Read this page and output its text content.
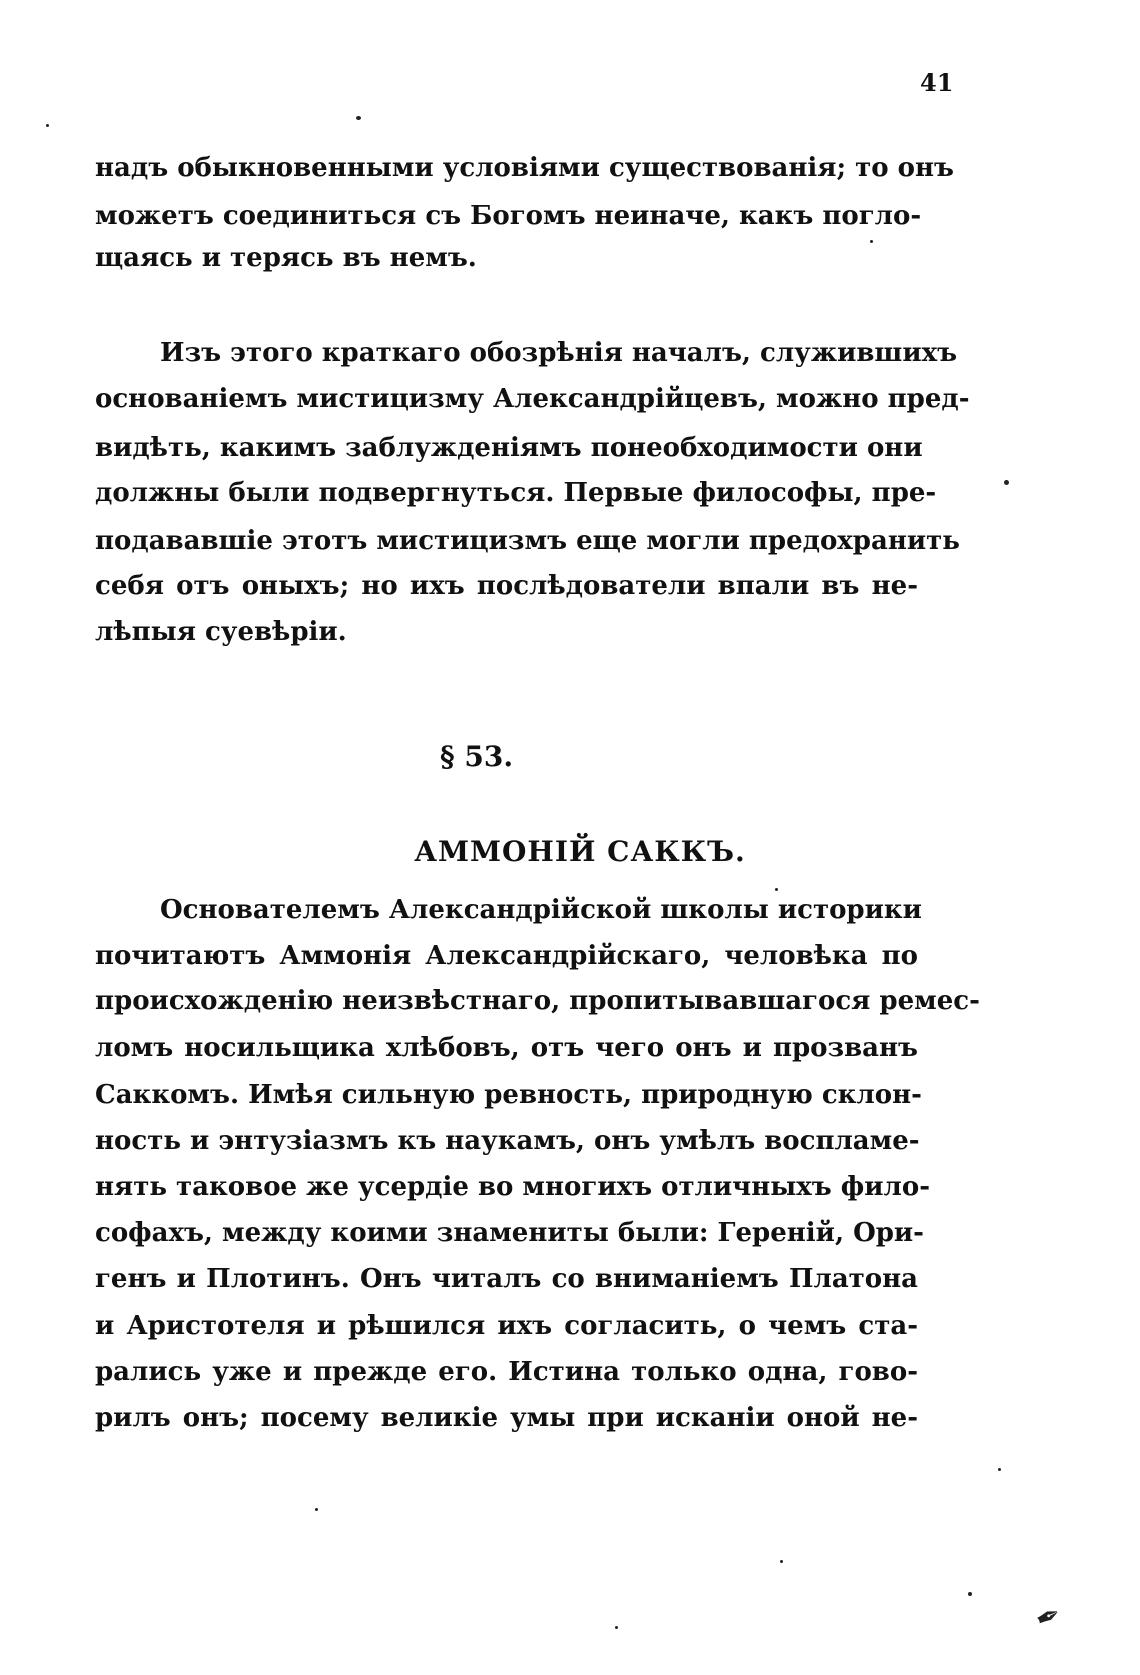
41
надъ обыкновенными условіями существованія; то онъ
можетъ соединиться съ Богомъ неиначе, какъ погло-
щаясь и терясь въ немъ.
Изъ этого краткаго обозрѣнія началъ, служившихъ
основаніемъ мистицизму Александрійцевъ, можно пред-
видѣть, какимъ заблужденіямъ понеобходимости они
должны были подвергнуться. Первые философы, пре-
подававшіе этотъ мистицизмъ еще могли предохранить
себя отъ оныхъ; но ихъ послѣдователи впали въ не-
лѣпыя суевѣріи.
§ 53.
АММОНІЙ САККЪ.
Основателемъ Александрійской школы историки
почитаютъ Аммонія Александрійскаго, человѣка по
происхожденію неизвѣстнаго, пропитывавшагося ремес-
ломъ носильщика хлѣбовъ, отъ чего онъ и прозванъ
Саккомъ. Имѣя сильную ревность, природную склон-
ность и энтузіазмъ къ наукамъ, онъ умѣлъ воспламе-
нять таковое же усердіе во многихъ отличныхъ фило-
софахъ, между коими знамениты были: Гереній, Ори-
генъ и Плотинъ. Онъ читалъ со вниманіемъ Платона
и Аристотеля и рѣшился ихъ согласить, о чемъ ста-
рались уже и прежде его. Истина только одна, гово-
рилъ онъ; посему великіе умы при исканіи оной не-
✒
